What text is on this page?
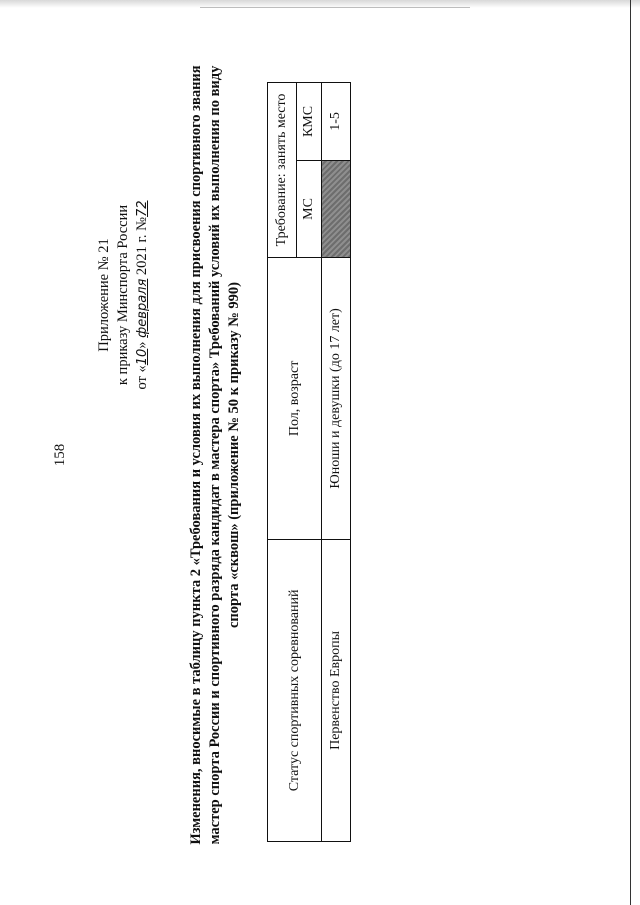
158
Приложение № 21 к приказу Минспорта России от «10» февраля 2021 г. №72	Изменения, вносимые в таблицу пункта 2 «Требования и условия их выполнения для присвоения спортивного звания мастер спорта России и спортивного разряда кандидат в мастера спорта» Требований условий их выполнения по виду спорта «сквош» (приложение № 50 к приказу № 990)
Статус спортивных соревнований	Пол, возраст	Требование: занять место	
		МС	КМС
Первенство Европы	Юноши и девушки (до 17 лет)		1-5
